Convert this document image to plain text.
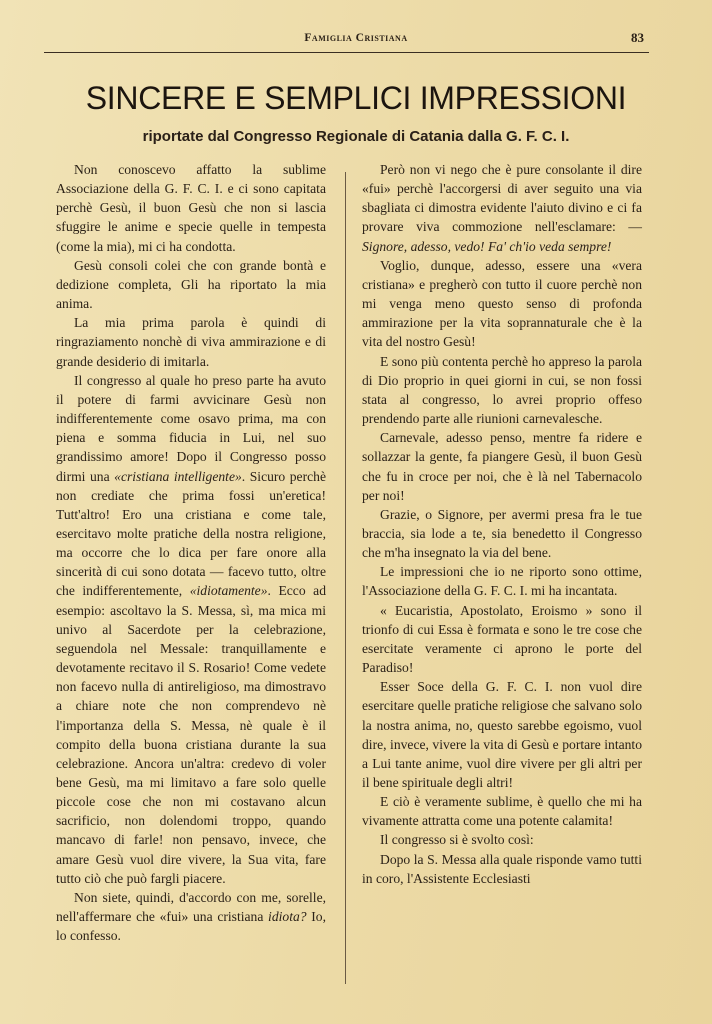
Famiglia Cristiana	83
SINCERE E SEMPLICI IMPRESSIONI
riportate dal Congresso Regionale di Catania dalla G. F. C. I.

Non conoscevo affatto la sublime Associazione della G. F. C. I. e ci sono capitata perchè Gesù, il buon Gesù che non si lascia sfuggire le anime e specie quelle in tempesta (come la mia), mi ci ha condotta.

Gesù consoli colei che con grande bontà e dedizione completa, Gli ha riportato la mia anima.

La mia prima parola è quindi di ringraziamento nonchè di viva ammirazione e di grande desiderio di imitarla.

Il congresso al quale ho preso parte ha avuto il potere di farmi avvicinare Gesù non indifferentemente come osavo prima, ma con piena e somma fiducia in Lui, nel suo grandissimo amore! Dopo il Congresso posso dirmi una «cristiana intelligente». Sicuro perchè non crediate che prima fossi un'eretica! Tutt'altro! Ero una cristiana e come tale, esercitavo molte pratiche della nostra religione, ma occorre che lo dica per fare onore alla sincerità di cui sono dotata — facevo tutto, oltre che indifferentemente, «idiotamente». Ecco ad esempio: ascoltavo la S. Messa, sì, ma mica mi univo al Sacerdote per la celebrazione, seguendola nel Messale: tranquillamente e devotamente recitavo il S. Rosario! Come vedete non facevo nulla di antireligioso, ma dimostravo a chiare note che non comprendevo nè l'importanza della S. Messa, nè quale è il compito della buona cristiana durante la sua celebrazione. Ancora un'altra: credevo di voler bene Gesù, ma mi limitavo a fare solo quelle piccole cose che non mi costavano alcun sacrificio, non dolendomi troppo, quando mancavo di farle! non pensavo, invece, che amare Gesù vuol dire vivere, la Sua vita, fare tutto ciò che può fargli piacere.

Non siete, quindi, d'accordo con me, sorelle, nell'affermare che «fui» una cristiana idiota? Io, lo confesso.

Però non vi nego che è pure consolante il dire «fui» perchè l'accorgersi di aver seguito una via sbagliata ci dimostra evidente l'aiuto divino e ci fa provare viva commozione nell'esclamare: — Signore, adesso, vedo! Fa' ch'io veda sempre!

Voglio, dunque, adesso, essere una «vera cristiana» e pregherò con tutto il cuore perchè non mi venga meno questo senso di profonda ammirazione per la vita soprannaturale che è la vita del nostro Gesù!

E sono più contenta perchè ho appreso la parola di Dio proprio in quei giorni in cui, se non fossi stata al congresso, lo avrei proprio offeso prendendo parte alle riunioni carnevalesche.

Carnevale, adesso penso, mentre fa ridere e sollazzar la gente, fa piangere Gesù, il buon Gesù che fu in croce per noi, che è là nel Tabernacolo per noi!

Grazie, o Signore, per avermi presa fra le tue braccia, sia lode a te, sia benedetto il Congresso che m'ha insegnato la via del bene.

Le impressioni che io ne riporto sono ottime, l'Associazione della G. F. C. I. mi ha incantata.

« Eucaristia, Apostolato, Eroismo » sono il trionfo di cui Essa è formata e sono le tre cose che esercitate veramente ci aprono le porte del Paradiso!

Esser Soce della G. F. C. I. non vuol dire esercitare quelle pratiche religiose che salvano solo la nostra anima, no, questo sarebbe egoismo, vuol dire, invece, vivere la vita di Gesù e portare intanto a Lui tante anime, vuol dire vivere per gli altri per il bene spirituale degli altri!

E ciò è veramente sublime, è quello che mi ha vivamente attratta come una potente calamita!

Il congresso si è svolto così:

Dopo la S. Messa alla quale risponde vamo tutti in coro, l'Assistente Ecclesiasti
